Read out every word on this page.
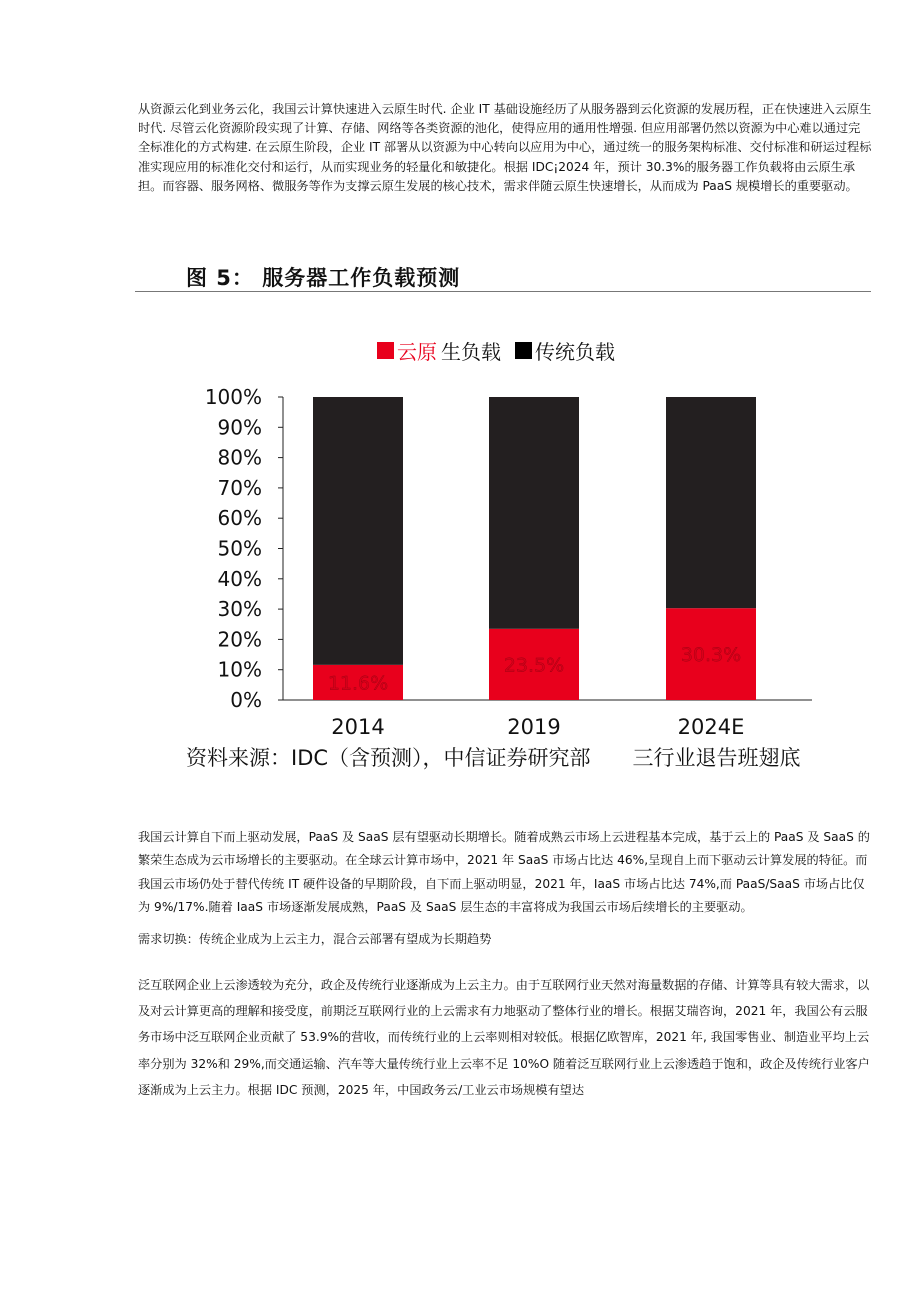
从资源云化到业务云化，我国云计算快速进入云原生时代. 企业 IT 基础设施经历了从服务器到云化资源的发展历程，正在快速进入云原生时代. 尽管云化资源阶段实现了计算、存储、网络等各类资源的池化，使得应用的通用性增强. 但应用部署仍然以资源为中心难以通过完全标准化的方式构建. 在云原生阶段，企业 IT 部署从以资源为中心转向以应用为中心，通过统一的服务架构标准、交付标准和研运过程标准实现应用的标准化交付和运行，从而实现业务的轻量化和敏捷化。根据 IDC¡2024 年，预计 30.3%的服务器工作负载将由云原生承担。而容器、服务网格、微服务等作为支撑云原生发展的核心技术，需求伴随云原生快速增长，从而成为 PaaS 规模增长的重要驱动。

图 5： 服务器工作负载预测
云原 生负载 传统负载
0%
10%
20%
30%
40%
50%
60%
70%
80%
90%
100%
11.6%
2014
23.5%
2019
30.3%
2024E

资料来源：IDC（含预测），中信证券研究部 三行业退告班翅底

我国云计算自下而上驱动发展，PaaS 及 SaaS 层有望驱动长期增长。随着成熟云市场上云进程基本完成，基于云上的 PaaS 及 SaaS 的繁荣生态成为云市场增长的主要驱动。在全球云计算市场中，2021 年 SaaS 市场占比达 46%,呈现自上而下驱动云计算发展的特征。而我国云市场仍处于替代传统 IT 硬件设备的早期阶段，自下而上驱动明显，2021 年，IaaS 市场占比达 74%,而 PaaS/SaaS 市场占比仅为 9%/17%.随着 IaaS 市场逐渐发展成熟，PaaS 及 SaaS 层生态的丰富将成为我国云市场后续增长的主要驱动。

需求切换：传统企业成为上云主力，混合云部署有望成为长期趋势

泛互联网企业上云渗透较为充分，政企及传统行业逐渐成为上云主力。由于互联网行业天然对海量数据的存储、计算等具有较大需求，以及对云计算更高的理解和接受度，前期泛互联网行业的上云需求有力地驱动了整体行业的增长。根据艾瑞咨询，2021 年，我国公有云服务市场中泛互联网企业贡献了 53.9%的营收，而传统行业的上云率则相对较低。根据亿欧智库，2021 年, 我国零售业、制造业平均上云率分别为 32%和 29%,而交通运输、汽车等大量传统行业上云率不足 10%O 随着泛互联网行业上云渗透趋于饱和，政企及传统行业客户逐渐成为上云主力。根据 IDC 预测，2025 年，中国政务云∕工业云市场规模有望达
